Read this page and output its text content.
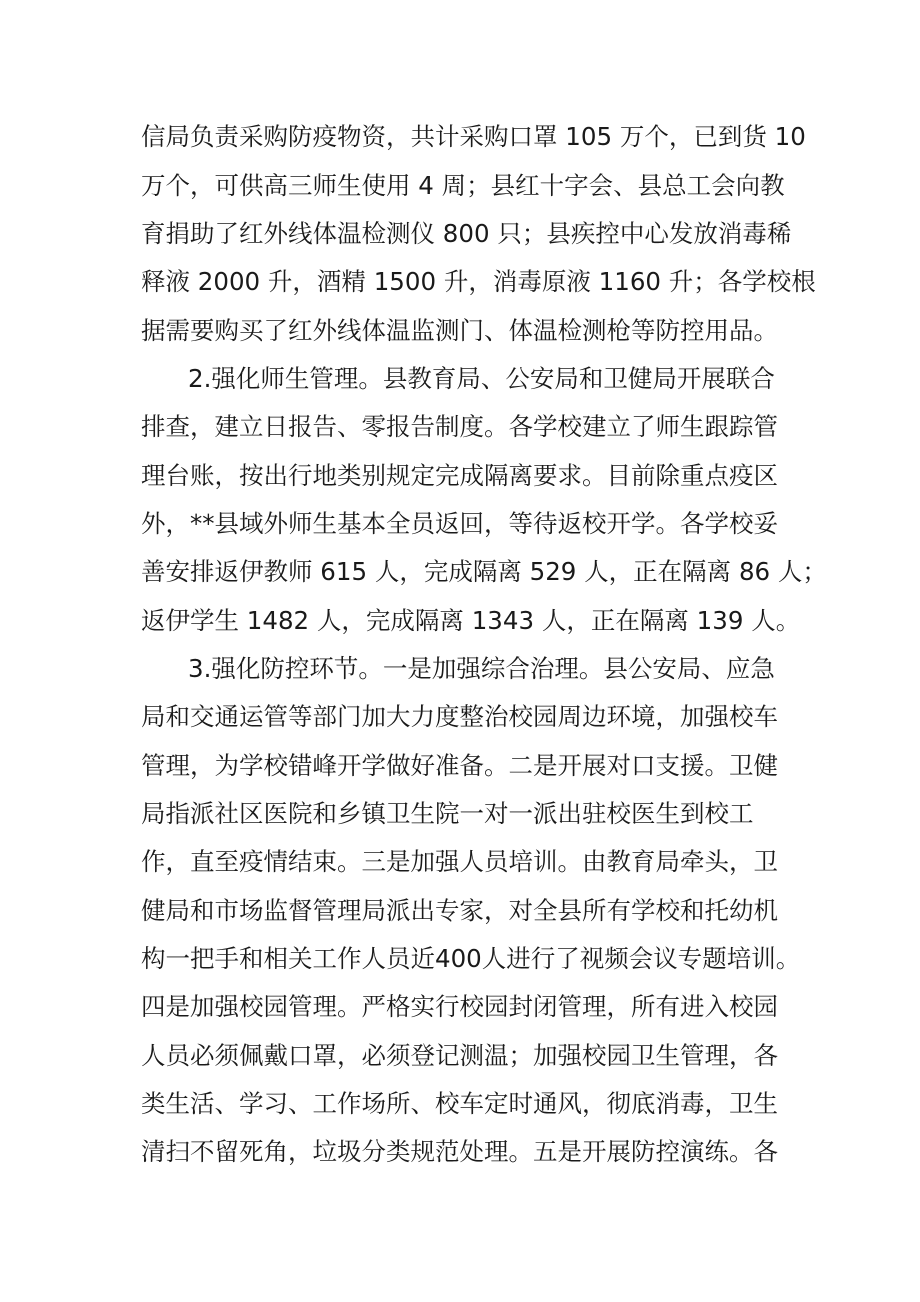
信局负责采购防疫物资，共计采购口罩 105 万个，已到货 10

万个，可供高三师生使用 4 周；县红十字会、县总工会向教

育捐助了红外线体温检测仪 800 只；县疾控中心发放消毒稀

释液 2000 升，酒精 1500 升，消毒原液 1160 升；各学校根

据需要购买了红外线体温监测门、体温检测枪等防控用品。

2.强化师生管理。县教育局、公安局和卫健局开展联合

排查，建立日报告、零报告制度。各学校建立了师生跟踪管

理台账，按出行地类别规定完成隔离要求。目前除重点疫区

外，**县域外师生基本全员返回，等待返校开学。各学校妥

善安排返伊教师 615 人，完成隔离 529 人，正在隔离 86 人；

返伊学生 1482 人，完成隔离 1343 人，正在隔离 139 人。

3.强化防控环节。一是加强综合治理。县公安局、应急

局和交通运管等部门加大力度整治校园周边环境，加强校车

管理，为学校错峰开学做好准备。二是开展对口支援。卫健

局指派社区医院和乡镇卫生院一对一派出驻校医生到校工

作，直至疫情结束。三是加强人员培训。由教育局牵头，卫

健局和市场监督管理局派出专家，对全县所有学校和托幼机

构一把手和相关工作人员近400人进行了视频会议专题培训。

四是加强校园管理。严格实行校园封闭管理，所有进入校园

人员必须佩戴口罩，必须登记测温；加强校园卫生管理，各

类生活、学习、工作场所、校车定时通风，彻底消毒，卫生

清扫不留死角，垃圾分类规范处理。五是开展防控演练。各
